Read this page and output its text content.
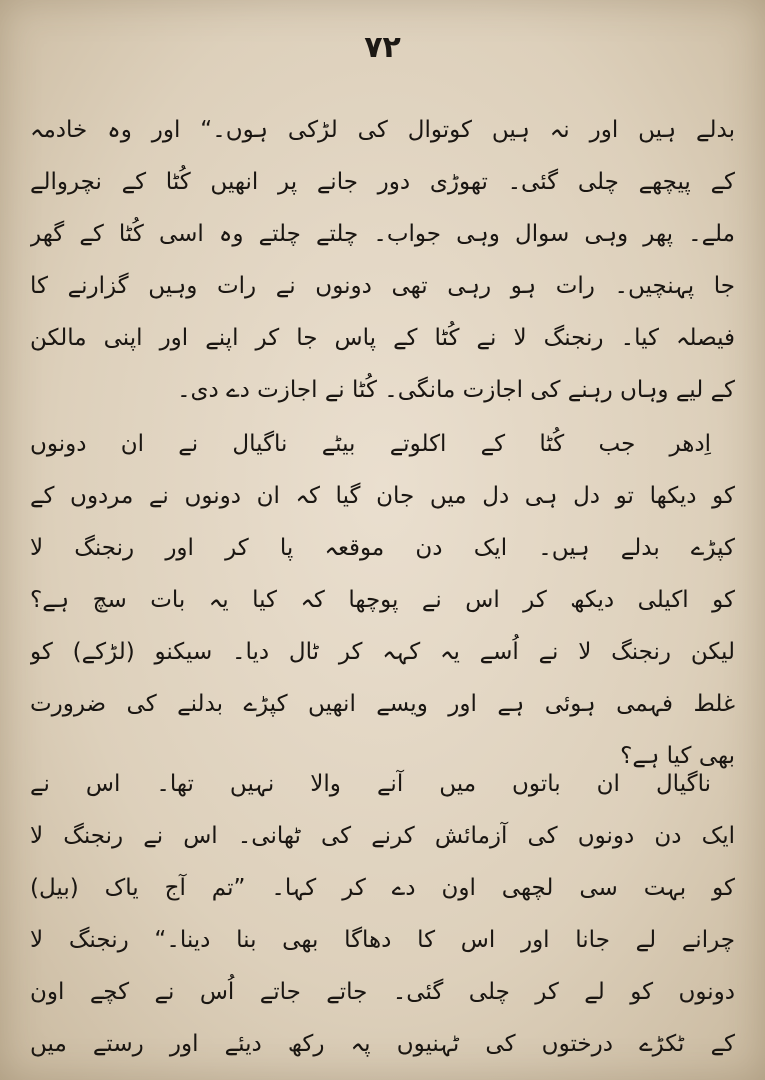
۷۲
بدلے ہیں اور نہ ہیں کوتوال کی لڑکی ہوں۔“ اور وہ خادمہ
کے پیچھے چلی گئی۔ تھوڑی دور جانے پر انھیں کُٹا کے نچروالے
ملے۔ پھر وہی سوال وہی جواب۔ چلتے چلتے وہ اسی کُٹا کے گھر
جا پہنچیں۔ رات ہو رہی تھی دونوں نے رات وہیں گزارنے کا
فیصلہ کیا۔ رنجنگ لا نے کُٹا کے پاس جا کر اپنے اور اپنی مالکن
کے لیے وہاں رہنے کی اجازت مانگی۔ کُٹا نے اجازت دے دی۔
اِدھر جب کُٹا کے اکلوتے بیٹے ناگیال نے ان دونوں
کو دیکھا تو دل ہی دل میں جان گیا کہ ان دونوں نے مردوں کے
کپڑے بدلے ہیں۔ ایک دن موقعہ پا کر اور رنجنگ لا
کو اکیلی دیکھ کر اس نے پوچھا کہ کیا یہ بات سچ ہے؟
لیکن رنجنگ لا نے اُسے یہ کہہ کر ٹال دیا۔ سیکنو (لڑکے) کو
غلط فہمی ہوئی ہے اور ویسے انھیں کپڑے بدلنے کی ضرورت
بھی کیا ہے؟
ناگیال ان باتوں میں آنے والا نہیں تھا۔ اس نے
ایک دن دونوں کی آزمائش کرنے کی ٹھانی۔ اس نے رنجنگ لا
کو بہت سی لچھی اون دے کر کہا۔ ”تم آج یاک (بیل)
چرانے لے جانا اور اس کا دھاگا بھی بنا دینا۔“ رنجنگ لا
دونوں کو لے کر چلی گئی۔ جاتے جاتے اُس نے کچے اون
کے ٹکڑے درختوں کی ٹہنیوں پہ رکھ دیئے اور رستے میں
